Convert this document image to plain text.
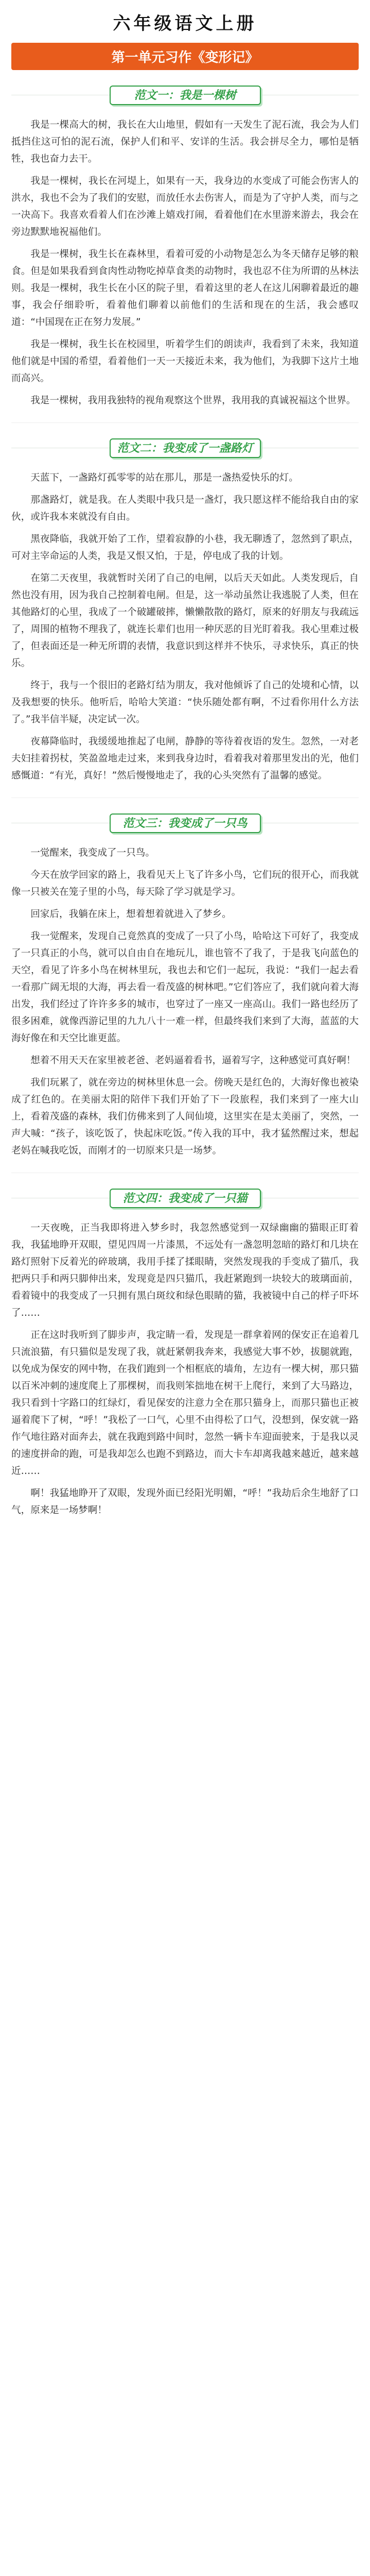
六年级语文上册
第一单元习作《变形记》
范文一：我是一棵树

我是一棵高大的树，我长在大山地里，假如有一天发生了泥石流，我会为人们抵挡住这可怕的泥石流，保护人们和平、安详的生活。我会拼尽全力，哪怕是牺牲，我也奋力去干。

我是一棵树，我长在河堤上，如果有一天，我身边的水变成了可能会伤害人的洪水，我也不会为了我们的安慰，而放任水去伤害人，而是为了守护人类，而与之一决高下。我喜欢看着人们在沙滩上嬉戏打闹，看着他们在水里游来游去，我会在旁边默默地祝福他们。

我是一棵树，我生长在森林里，看着可爱的小动物是怎么为冬天储存足够的粮食。但是如果我看到食肉性动物吃掉草食类的动物时，我也忍不住为所谓的丛林法则。我是一棵树，我生长在小区的院子里，看着这里的老人在这儿闲聊着最近的趣事，我会仔细聆听，看着他们聊着以前他们的生活和现在的生活，我会感叹道：“中国现在正在努力发展。”

我是一棵树，我生长在校园里，听着学生们的朗读声，我看到了未来，我知道他们就是中国的希望，看着他们一天一天接近未来，我为他们，为我脚下这片土地而高兴。

我是一棵树，我用我独特的视角观察这个世界，我用我的真诚祝福这个世界。

范文二：我变成了一盏路灯

天蓝下，一盏路灯孤零零的站在那儿，那是一盏热爱快乐的灯。

那盏路灯，就是我。在人类眼中我只是一盏灯，我只愿这样不能给我自由的家伙，或许我本来就没有自由。

黑夜降临，我就开始了工作，望着寂静的小巷，我无聊透了，忽然到了职点，可对主宰命运的人类，我是又恨又怕，于是，停电成了我的计划。

在第二天夜里，我就暂时关闭了自己的电闸，以后天天如此。人类发现后，自然也没有用，因为我自己控制着电闸。但是，这一举动虽然让我逃脱了人类，但在其他路灯的心里，我成了一个破罐破摔，懒懒散散的路灯，原来的好朋友与我疏远了，周围的植物不理我了，就连长辈们也用一种厌恶的目光盯着我。我心里难过极了，但表面还是一种无所谓的表情，我意识到这样并不快乐，寻求快乐，真正的快乐。

终于，我与一个很旧的老路灯结为朋友，我对他倾诉了自己的处境和心情，以及我想要的快乐。他听后，哈哈大笑道：“快乐随处都有啊，不过看你用什么方法了。”我半信半疑，决定试一次。

夜幕降临时，我缓缓地推起了电闸，静静的等待着夜语的发生。忽然，一对老夫妇挂着拐杖，笑盈盈地走过来，来到我身边时，看着我对着那里发出的光，他们感慨道：“有光，真好！”然后慢慢地走了，我的心头突然有了温馨的感觉。

范文三：我变成了一只鸟

一觉醒来，我变成了一只鸟。

今天在放学回家的路上，我看见天上飞了许多小鸟，它们玩的很开心，而我就像一只被关在笼子里的小鸟，每天除了学习就是学习。

回家后，我躺在床上，想着想着就进入了梦乡。

我一觉醒来，发现自己竟然真的变成了一只了小鸟，哈哈这下可好了，我变成了一只真正的小鸟，就可以自由自在地玩儿，谁也管不了我了，于是我飞向蓝色的天空，看见了许多小鸟在树林里玩，我也去和它们一起玩，我说：“我们一起去看一看那广阔无垠的大海，再去看一看茂盛的树林吧。”它们答应了，我们就向着大海出发，我们经过了许许多多的城市，也穿过了一座又一座高山。我们一路也经历了很多困难，就像西游记里的九九八十一难一样，但最终我们来到了大海，蓝蓝的大海好像在和天空比谁更蓝。

想着不用天天在家里被老爸、老妈逼着看书，逼着写字，这种感觉可真好啊！

我们玩累了，就在旁边的树林里休息一会。傍晚天是红色的，大海好像也被染成了红色的。在美丽太阳的陪伴下我们开始了下一段旅程，我们来到了一座大山上，看着茂盛的森林，我们仿佛来到了人间仙境，这里实在是太美丽了，突然，一声大喊：“孩子，该吃饭了，快起床吃饭。”传入我的耳中，我才猛然醒过来，想起老妈在喊我吃饭，而刚才的一切原来只是一场梦。

范文四：我变成了一只猫

一天夜晚，正当我即将进入梦乡时，我忽然感觉到一双绿幽幽的猫眼正盯着我，我猛地睁开双眼，望见四周一片漆黑，不远处有一盏忽明忽暗的路灯和几块在路灯照射下反着光的碎玻璃，我用手揉了揉眼睛，突然发现我的手变成了猫爪，我把两只手和两只脚伸出来，发现竟是四只猫爪，我赶紧跑到一块较大的玻璃面前，看着镜中的我变成了一只拥有黑白斑纹和绿色眼睛的猫，我被镜中自己的样子吓坏了……

正在这时我听到了脚步声，我定睛一看，发现是一群拿着网的保安正在追着几只流浪猫，有只猫似是发现了我，就赶紧朝我奔来，我感觉大事不妙，拔腿就跑，以免成为保安的网中物，在我们跑到一个相框底的墙角，左边有一棵大树，那只猫以百米冲刺的速度爬上了那棵树，而我则笨拙地在树干上爬行，来到了大马路边，我只看到十字路口的红绿灯，看见保安的注意力全在那只猫身上，而那只猫也正被逼着爬下了树，“呼！”我松了一口气，心里不由得松了口气，没想到，保安就一路作气地往路对面奔去，就在我跑到路中间时，忽然一辆卡车迎面驶来，于是我以灵的速度拼命的跑，可是我却怎么也跑不到路边，而大卡车却离我越来越近，越来越近……

啊！我猛地睁开了双眼，发现外面已经阳光明媚，“呼！”我劫后余生地舒了口气，原来是一场梦啊！
